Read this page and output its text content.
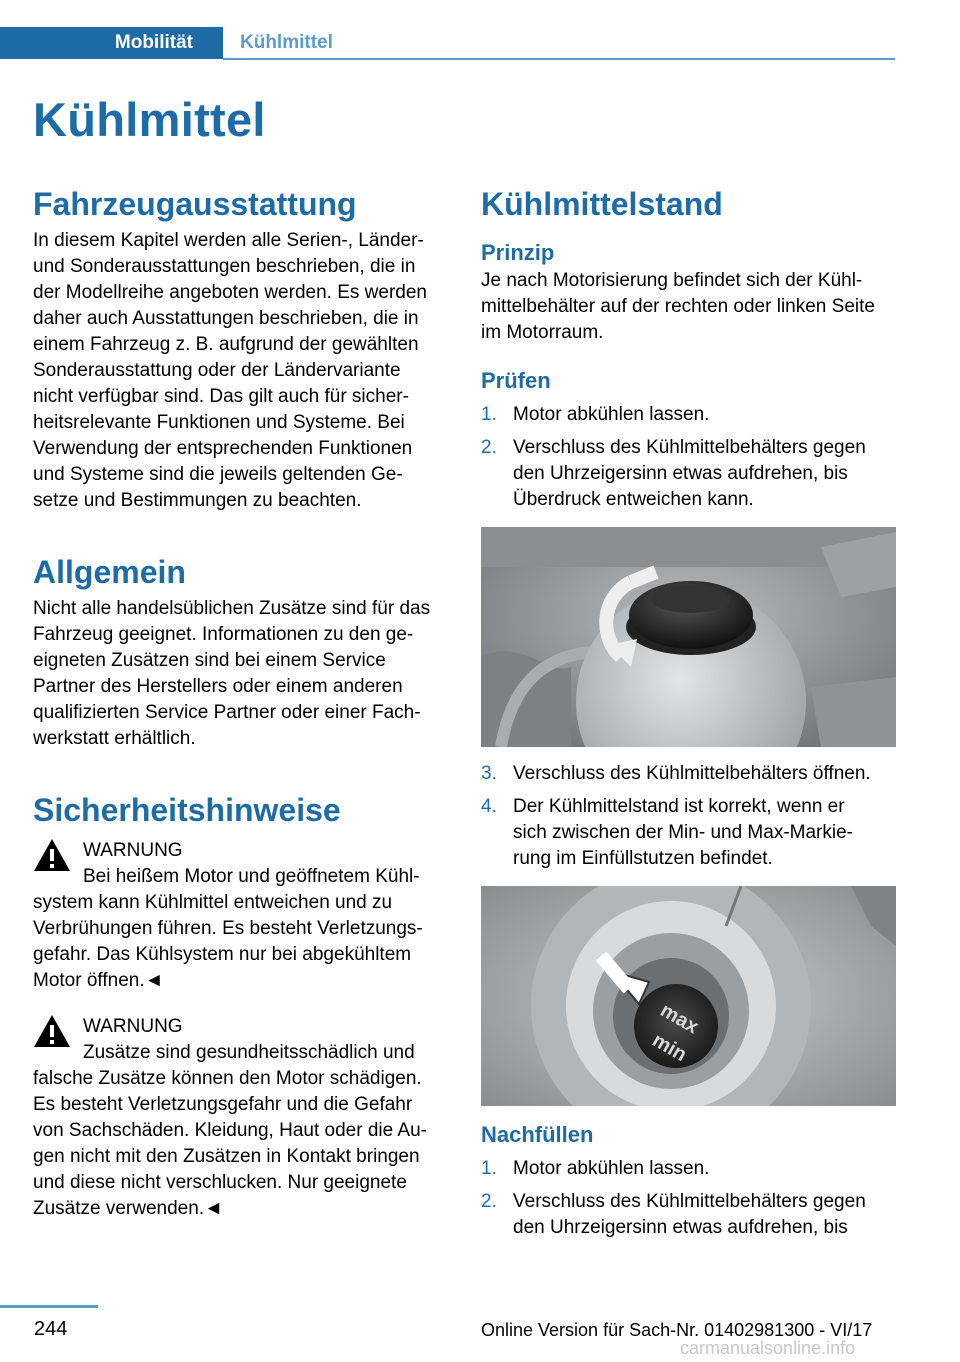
Mobilität	Kühlmittel
Kühlmittel
Fahrzeugausstattung
In diesem Kapitel werden alle Serien-, Länder-
und Sonderausstattungen beschrieben, die in
der Modellreihe angeboten werden. Es werden
daher auch Ausstattungen beschrieben, die in
einem Fahrzeug z. B. aufgrund der gewählten
Sonderausstattung oder der Ländervariante
nicht verfügbar sind. Das gilt auch für sicher-
heitsrelevante Funktionen und Systeme. Bei
Verwendung der entsprechenden Funktionen
und Systeme sind die jeweils geltenden Ge-
setze und Bestimmungen zu beachten.
Allgemein
Nicht alle handelsüblichen Zusätze sind für das
Fahrzeug geeignet. Informationen zu den ge-
eigneten Zusätzen sind bei einem Service
Partner des Herstellers oder einem anderen
qualifizierten Service Partner oder einer Fach-
werkstatt erhältlich.
Sicherheitshinweise
WARNUNG
Bei heißem Motor und geöffnetem Kühl-
system kann Kühlmittel entweichen und zu
Verbrühungen führen. Es besteht Verletzungs-
gefahr. Das Kühlsystem nur bei abgekühltem
Motor öffnen.◄
WARNUNG
Zusätze sind gesundheitsschädlich und
falsche Zusätze können den Motor schädigen.
Es besteht Verletzungsgefahr und die Gefahr
von Sachschäden. Kleidung, Haut oder die Au-
gen nicht mit den Zusätzen in Kontakt bringen
und diese nicht verschlucken. Nur geeignete
Zusätze verwenden.◄
Kühlmittelstand
Prinzip
Je nach Motorisierung befindet sich der Kühl-
mittelbehälter auf der rechten oder linken Seite
im Motorraum.
Prüfen
1. Motor abkühlen lassen.
2. Verschluss des Kühlmittelbehälters gegen
den Uhrzeigersinn etwas aufdrehen, bis
Überdruck entweichen kann.
3. Verschluss des Kühlmittelbehälters öffnen.
4. Der Kühlmittelstand ist korrekt, wenn er
sich zwischen der Min- und Max-Markie-
rung im Einfüllstutzen befindet.
max
min
Nachfüllen
1. Motor abkühlen lassen.
2. Verschluss des Kühlmittelbehälters gegen
den Uhrzeigersinn etwas aufdrehen, bis
244	Online Version für Sach-Nr. 01402981300 - VI/17
carmanualsonline.info
